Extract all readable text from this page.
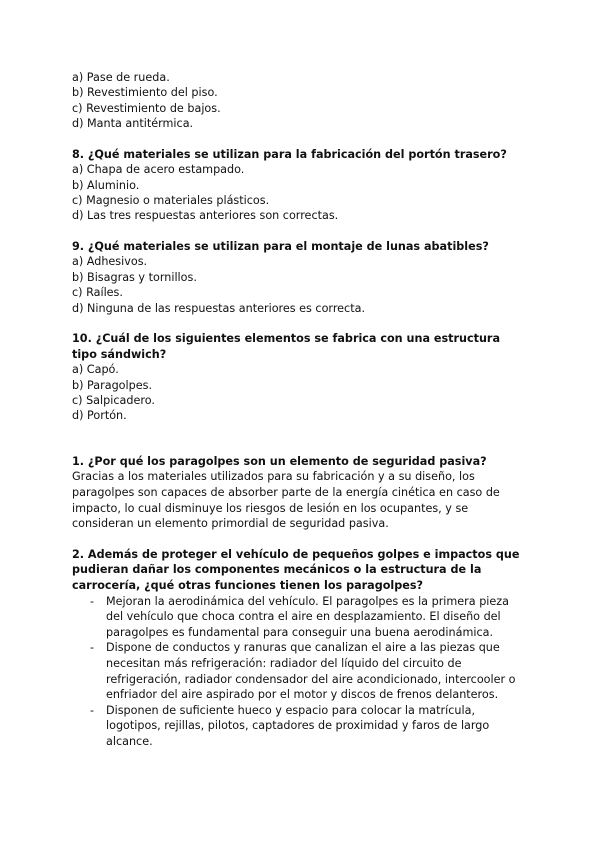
a) Pase de rueda.

b) Revestimiento del piso.

c) Revestimiento de bajos.

d) Manta antitérmica.

8. ¿Qué materiales se utilizan para la fabricación del portón trasero?

a) Chapa de acero estampado.

b) Aluminio.

c) Magnesio o materiales plásticos.

d) Las tres respuestas anteriores son correctas.

9. ¿Qué materiales se utilizan para el montaje de lunas abatibles?

a) Adhesivos.

b) Bisagras y tornillos.

c) Raíles.

d) Ninguna de las respuestas anteriores es correcta.

10. ¿Cuál de los siguientes elementos se fabrica con una estructura tipo sándwich?

a) Capó.

b) Paragolpes.

c) Salpicadero.

d) Portón.

1. ¿Por qué los paragolpes son un elemento de seguridad pasiva?

Gracias a los materiales utilizados para su fabricación y a su diseño, los paragolpes son capaces de absorber parte de la energía cinética en caso de impacto, lo cual disminuye los riesgos de lesión en los ocupantes, y se consideran un elemento primordial de seguridad pasiva.

2. Además de proteger el vehículo de pequeños golpes e impactos que pudieran dañar los componentes mecánicos o la estructura de la carrocería, ¿qué otras funciones tienen los paragolpes?

- Mejoran la aerodinámica del vehículo. El paragolpes es la primera pieza del vehículo que choca contra el aire en desplazamiento. El diseño del paragolpes es fundamental para conseguir una buena aerodinámica.
- Dispone de conductos y ranuras que canalizan el aire a las piezas que necesitan más refrigeración: radiador del líquido del circuito de refrigeración, radiador condensador del aire acondicionado, intercooler o enfriador del aire aspirado por el motor y discos de frenos delanteros.
- Disponen de suficiente hueco y espacio para colocar la matrícula, logotipos, rejillas, pilotos, captadores de proximidad y faros de largo alcance.
